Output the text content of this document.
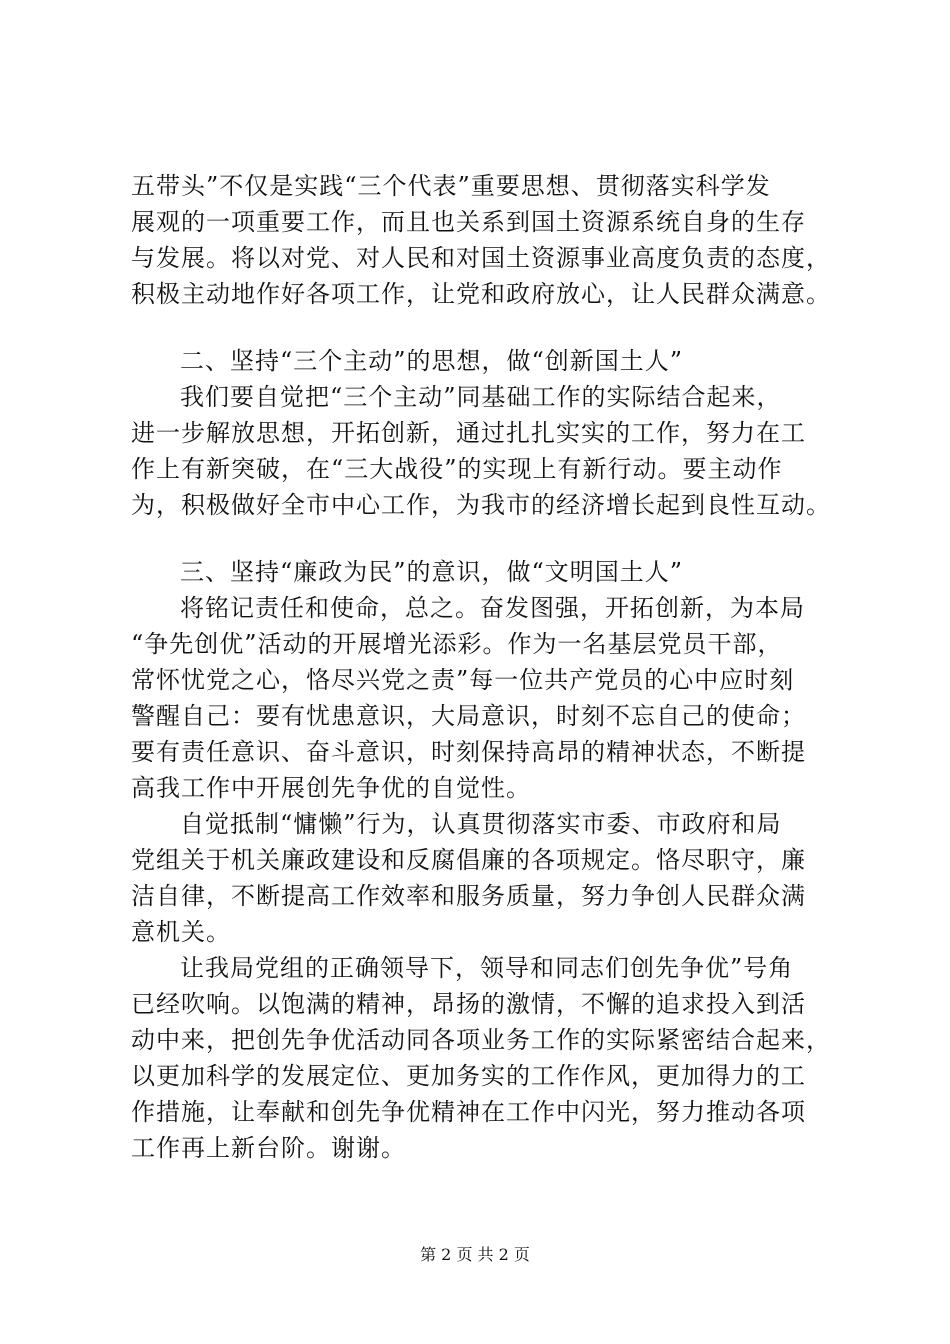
五带头”不仅是实践“三个代表”重要思想、贯彻落实科学发
展观的一项重要工作，而且也关系到国土资源系统自身的生存
与发展。将以对党、对人民和对国土资源事业高度负责的态度，
积极主动地作好各项工作，让党和政府放心，让人民群众满意。
二、坚持“三个主动”的思想，做“创新国土人”
我们要自觉把“三个主动”同基础工作的实际结合起来，
进一步解放思想，开拓创新，通过扎扎实实的工作，努力在工
作上有新突破，在“三大战役”的实现上有新行动。要主动作
为，积极做好全市中心工作，为我市的经济增长起到良性互动。
三、坚持“廉政为民”的意识，做“文明国土人”
将铭记责任和使命，总之。奋发图强，开拓创新，为本局
“争先创优”活动的开展增光添彩。作为一名基层党员干部，
常怀忧党之心，恪尽兴党之责”每一位共产党员的心中应时刻
警醒自己：要有忧患意识，大局意识，时刻不忘自己的使命；
要有责任意识、奋斗意识，时刻保持高昂的精神状态，不断提
高我工作中开展创先争优的自觉性。
自觉抵制“慵懒”行为，认真贯彻落实市委、市政府和局
党组关于机关廉政建设和反腐倡廉的各项规定。恪尽职守，廉
洁自律，不断提高工作效率和服务质量，努力争创人民群众满
意机关。
让我局党组的正确领导下，领导和同志们创先争优”号角
已经吹响。以饱满的精神，昂扬的激情，不懈的追求投入到活
动中来，把创先争优活动同各项业务工作的实际紧密结合起来，
以更加科学的发展定位、更加务实的工作作风，更加得力的工
作措施，让奉献和创先争优精神在工作中闪光，努力推动各项
工作再上新台阶。谢谢。
第 2 页 共 2 页
